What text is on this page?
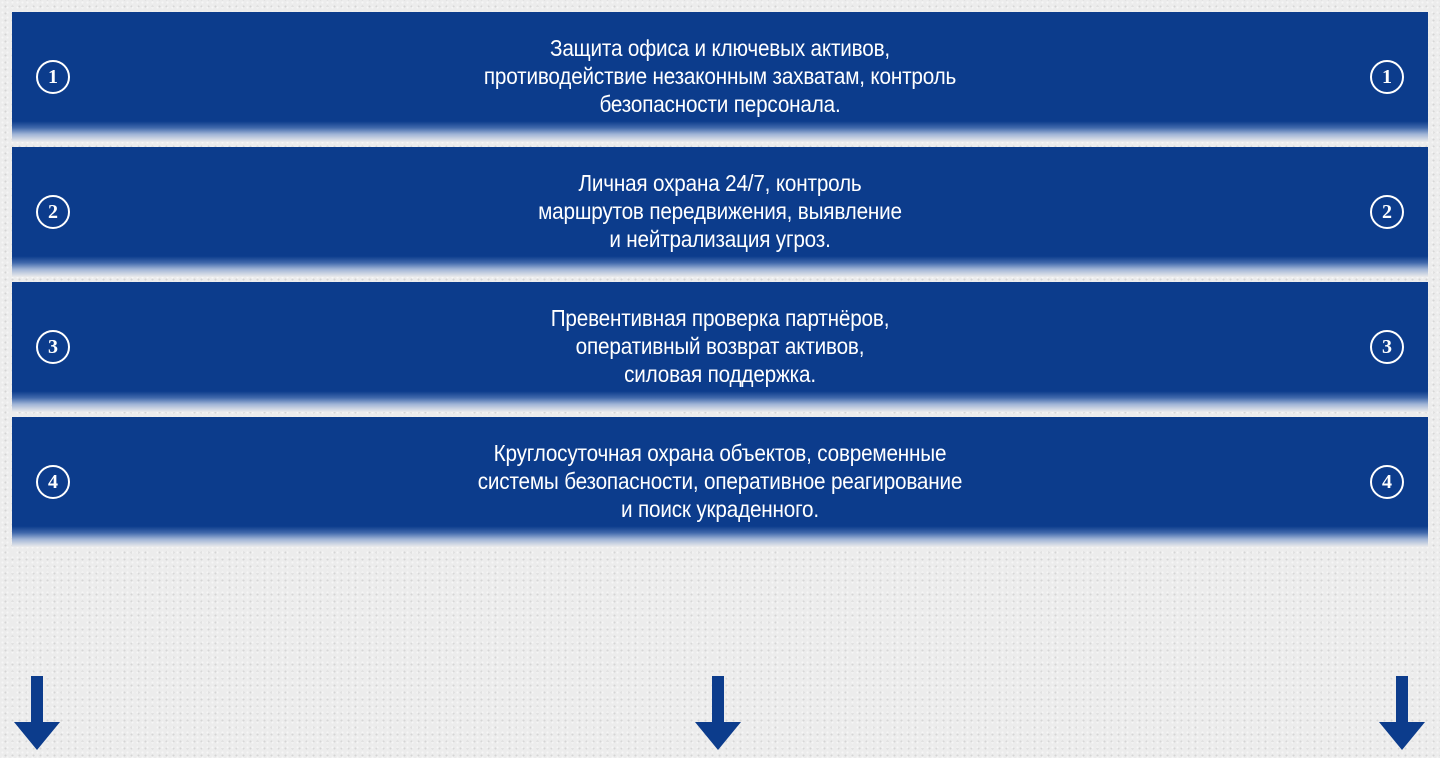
1
Защита офиса и ключевых активов,
противодействие незаконным захватам, контроль
безопасности персонала.
1
2
Личная охрана 24/7, контроль
маршрутов передвижения, выявление
и нейтрализация угроз.
2
3
Превентивная проверка партнёров,
оперативный возврат активов,
силовая поддержка.
3
4
Круглосуточная охрана объектов, современные
системы безопасности, оперативное реагирование
и поиск украденного.
4
